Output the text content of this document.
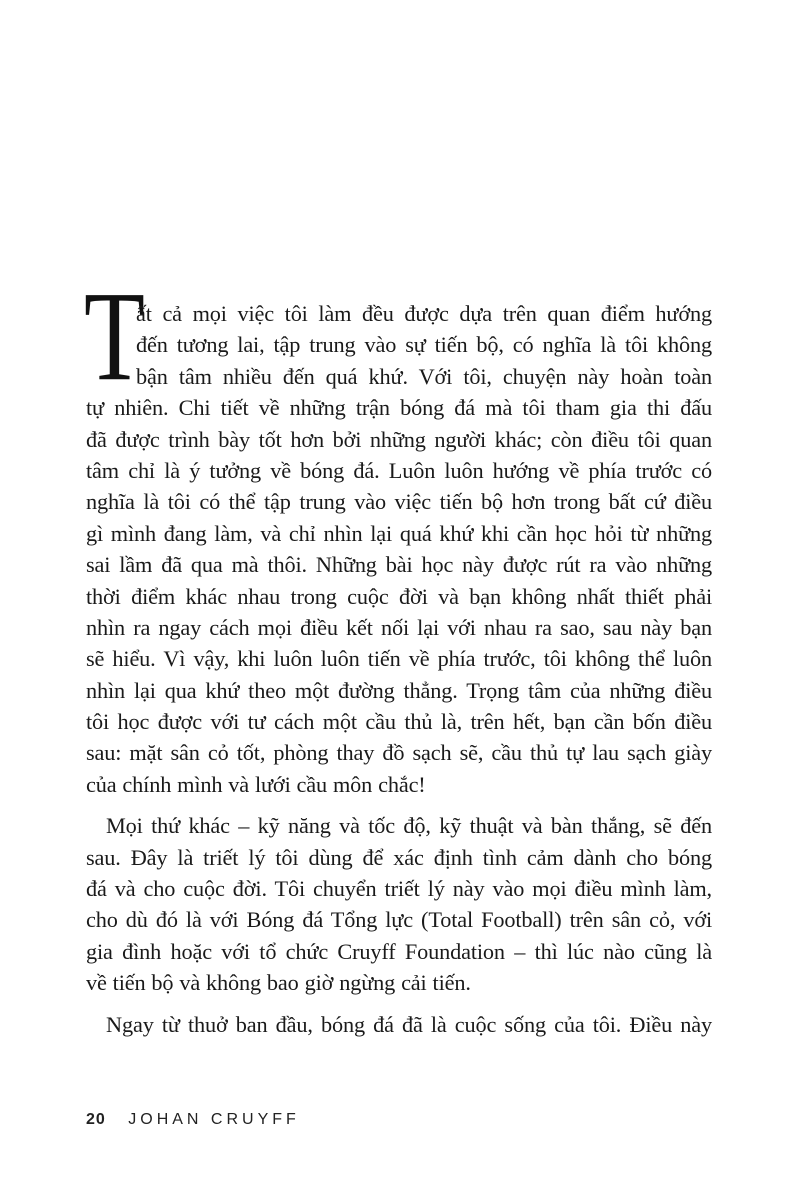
T
ất cả mọi việc tôi làm đều được dựa trên quan điểm hướng
đến tương lai, tập trung vào sự tiến bộ, có nghĩa là tôi không
bận tâm nhiều đến quá khứ. Với tôi, chuyện này hoàn toàn
tự nhiên. Chi tiết về những trận bóng đá mà tôi tham gia thi đấu
đã được trình bày tốt hơn bởi những người khác; còn điều tôi quan
tâm chỉ là ý tưởng về bóng đá. Luôn luôn hướng về phía trước có
nghĩa là tôi có thể tập trung vào việc tiến bộ hơn trong bất cứ điều
gì mình đang làm, và chỉ nhìn lại quá khứ khi cần học hỏi từ những
sai lầm đã qua mà thôi. Những bài học này được rút ra vào những
thời điểm khác nhau trong cuộc đời và bạn không nhất thiết phải
nhìn ra ngay cách mọi điều kết nối lại với nhau ra sao, sau này bạn
sẽ hiểu. Vì vậy, khi luôn luôn tiến về phía trước, tôi không thể luôn
nhìn lại qua khứ theo một đường thẳng. Trọng tâm của những điều
tôi học được với tư cách một cầu thủ là, trên hết, bạn cần bốn điều
sau: mặt sân cỏ tốt, phòng thay đồ sạch sẽ, cầu thủ tự lau sạch giày
của chính mình và lưới cầu môn chắc!
Mọi thứ khác – kỹ năng và tốc độ, kỹ thuật và bàn thắng, sẽ đến
sau. Đây là triết lý tôi dùng để xác định tình cảm dành cho bóng
đá và cho cuộc đời. Tôi chuyển triết lý này vào mọi điều mình làm,
cho dù đó là với Bóng đá Tổng lực (Total Football) trên sân cỏ, với
gia đình hoặc với tổ chức Cruyff Foundation – thì lúc nào cũng là
về tiến bộ và không bao giờ ngừng cải tiến.
Ngay từ thuở ban đầu, bóng đá đã là cuộc sống của tôi. Điều này
20 JOHAN CRUYFF
